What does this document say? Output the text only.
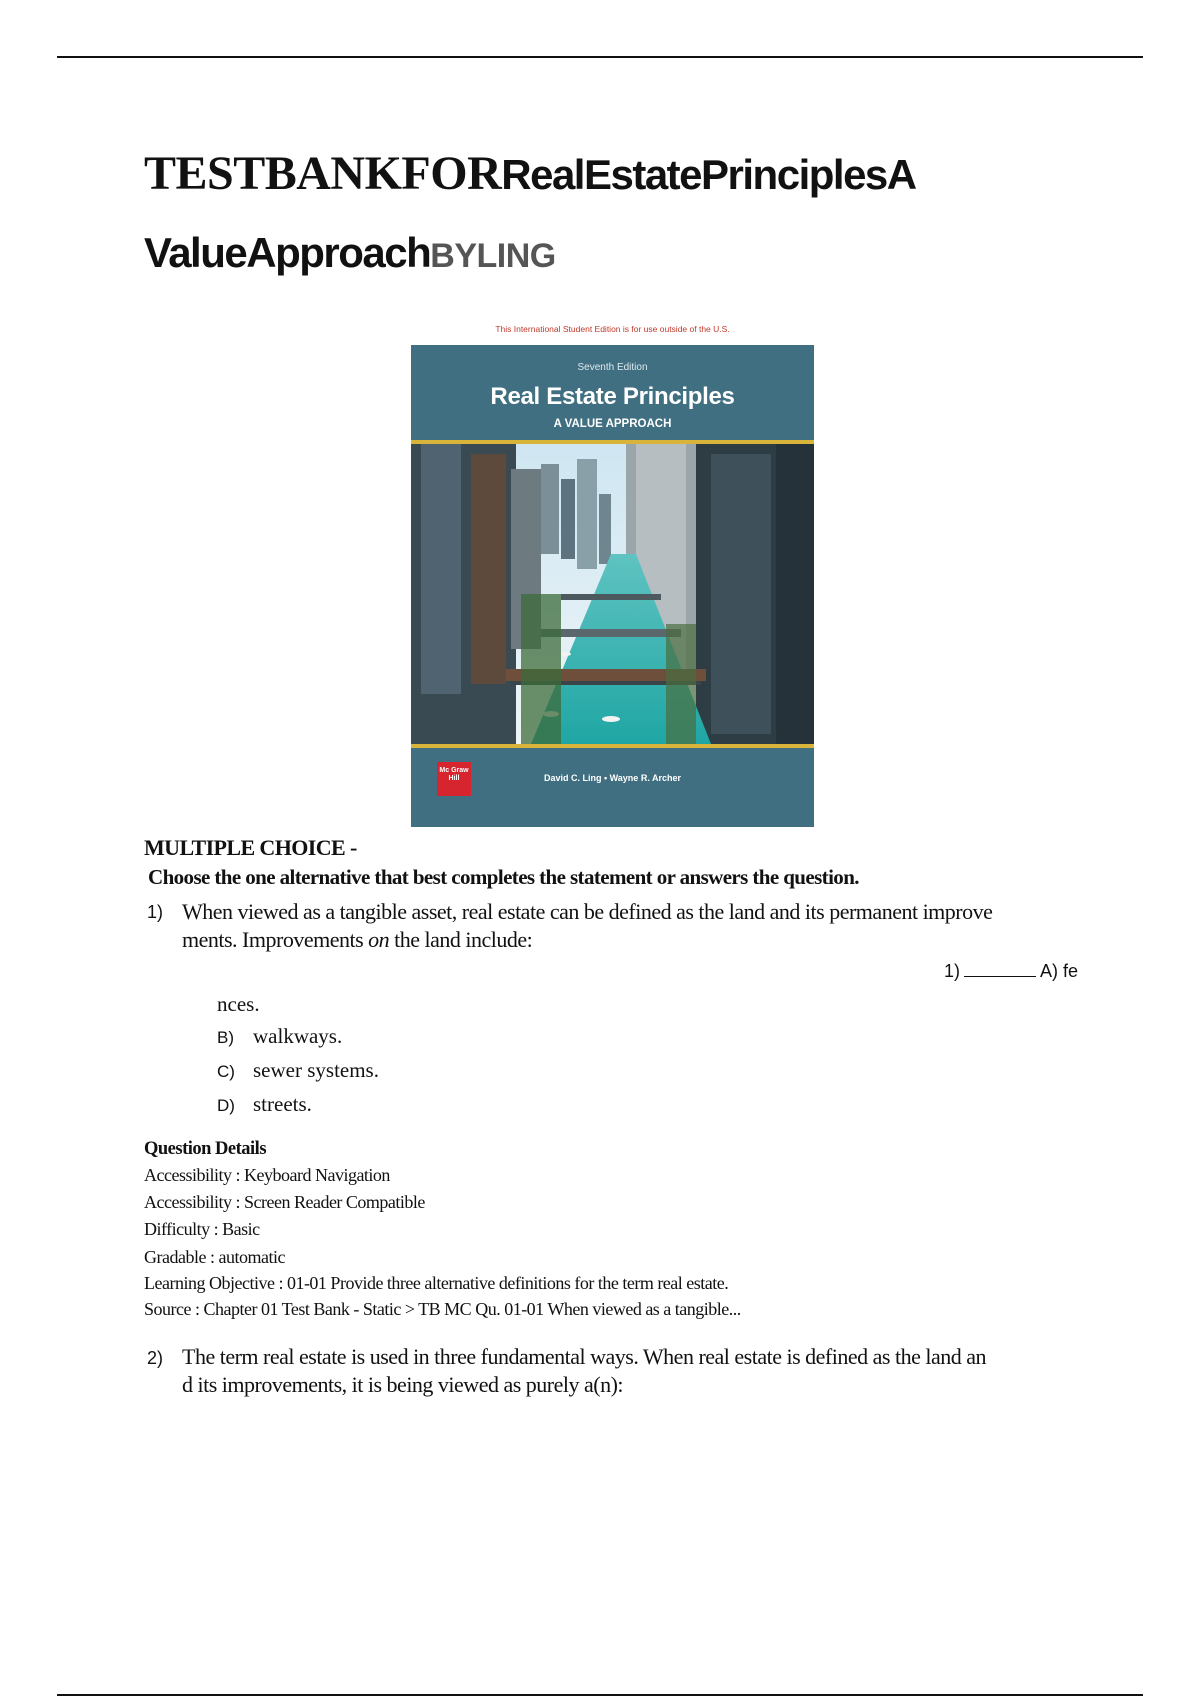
TESTBANKFORRealEstatePrinciplesA
ValueApproachBYLING
This International Student Edition is for use outside of the U.S.
Seventh Edition
Real Estate Principles
A VALUE APPROACH
Mc Graw Hill	David C. Ling • Wayne R. Archer
MULTIPLE CHOICE -
Choose the one alternative that best completes the statement or answers the question.
1) When viewed as a tangible asset, real estate can be defined as the land and its permanent improve
ments. Improvements on the land include:
1)	A) fe
nces.
B) walkways.
C) sewer systems.
D) streets.
Question Details
Accessibility : Keyboard Navigation
Accessibility : Screen Reader Compatible
Difficulty : Basic
Gradable : automatic
Learning Objective : 01-01 Provide three alternative definitions for the term real estate.
Source : Chapter 01 Test Bank - Static > TB MC Qu. 01-01 When viewed as a tangible...
2) The term real estate is used in three fundamental ways. When real estate is defined as the land an
d its improvements, it is being viewed as purely a(n):
